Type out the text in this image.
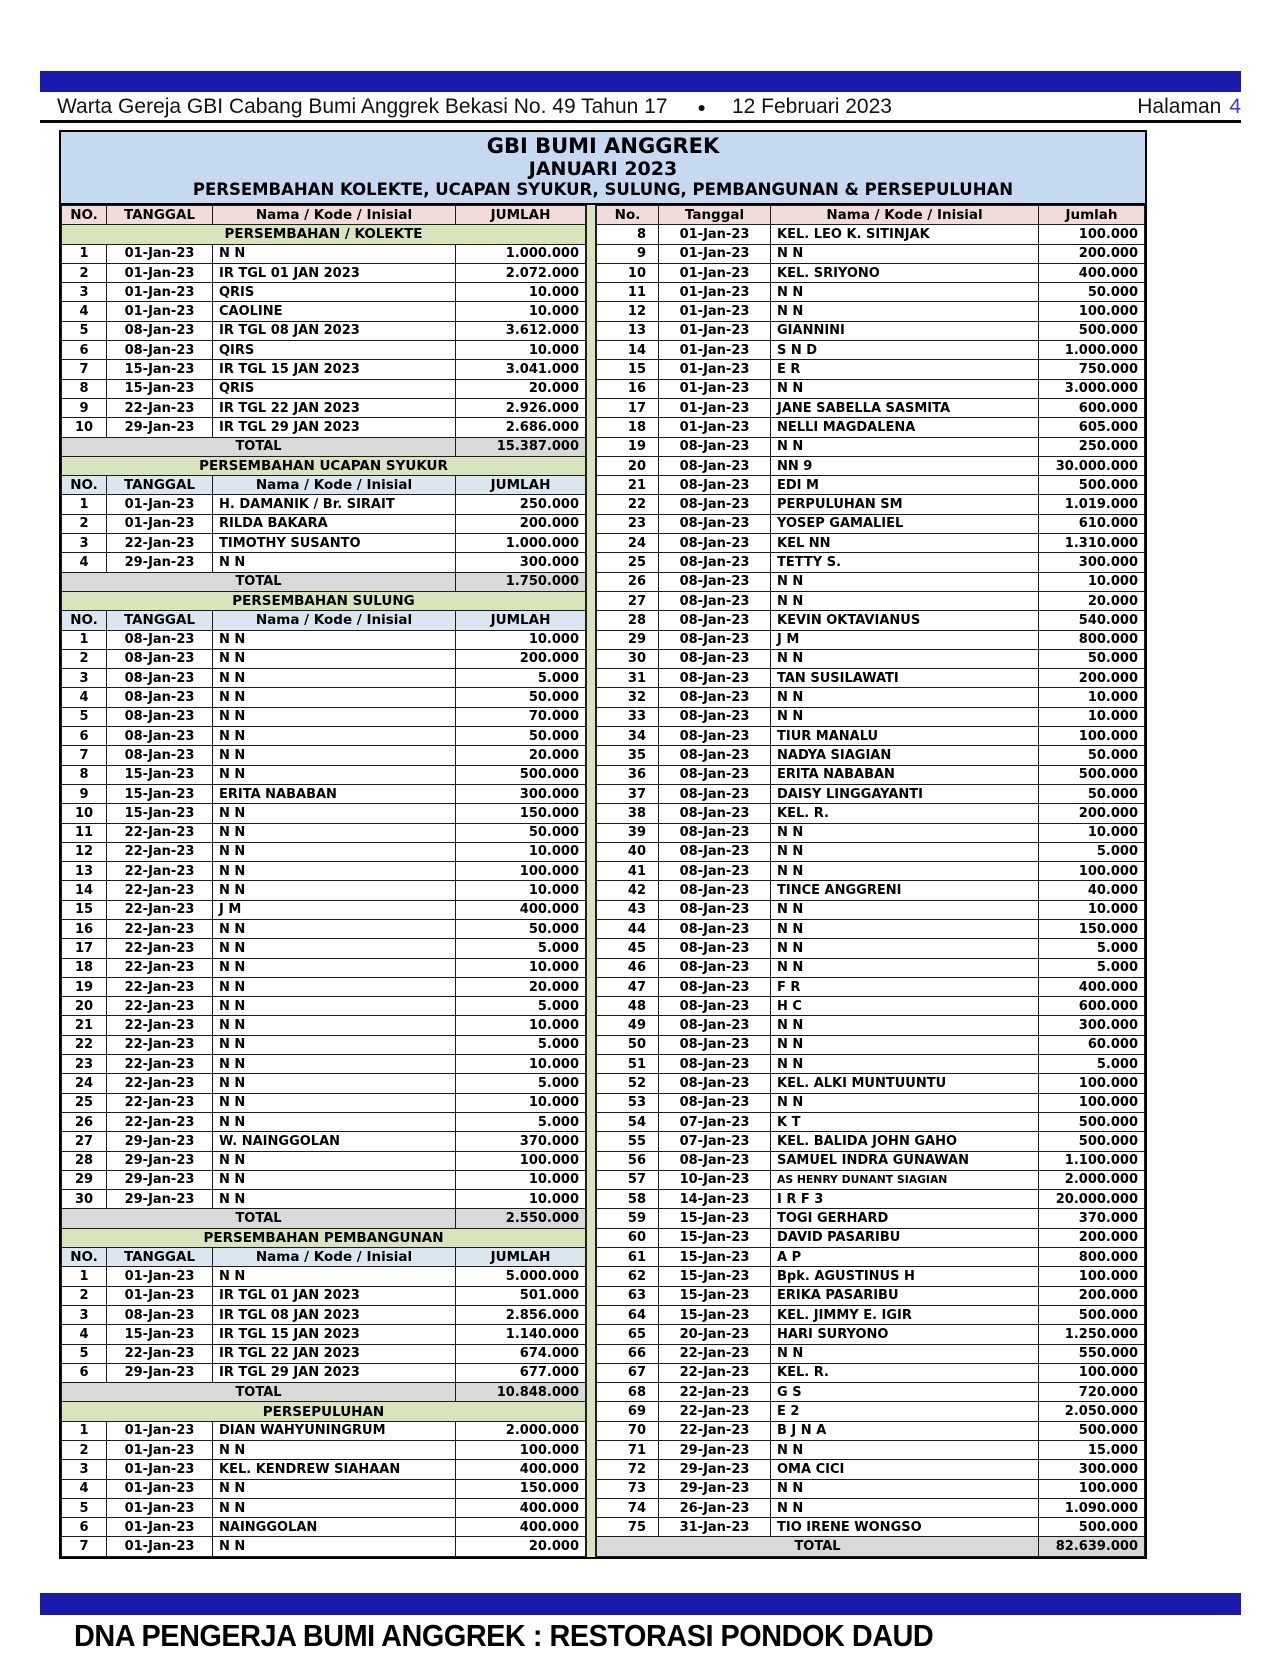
Warta Gereja GBI Cabang Bumi Anggrek Bekasi No. 49 Tahun 17 ● 12 Februari 2023	Halaman 4
GBI BUMI ANGGREK
JANUARI 2023
PERSEMBAHAN KOLEKTE, UCAPAN SYUKUR, SULUNG, PEMBANGUNAN & PERSEPULUHAN
NO.	TANGGAL	Nama / Kode / Inisial	JUMLAH
PERSEMBAHAN / KOLEKTE			
1	01-Jan-23	N N	1.000.000
2	01-Jan-23	IR TGL 01 JAN 2023	2.072.000
3	01-Jan-23	QRIS	10.000
4	01-Jan-23	CAOLINE	10.000
5	08-Jan-23	IR TGL 08 JAN 2023	3.612.000
6	08-Jan-23	QIRS	10.000
7	15-Jan-23	IR TGL 15 JAN 2023	3.041.000
8	15-Jan-23	QRIS	20.000
9	22-Jan-23	IR TGL 22 JAN 2023	2.926.000
10	29-Jan-23	IR TGL 29 JAN 2023	2.686.000
TOTAL			15.387.000
PERSEMBAHAN UCAPAN SYUKUR			
NO.	TANGGAL	Nama / Kode / Inisial	JUMLAH
1	01-Jan-23	H. DAMANIK / Br. SIRAIT	250.000
2	01-Jan-23	RILDA BAKARA	200.000
3	22-Jan-23	TIMOTHY SUSANTO	1.000.000
4	29-Jan-23	N N	300.000
TOTAL			1.750.000
PERSEMBAHAN SULUNG			
NO.	TANGGAL	Nama / Kode / Inisial	JUMLAH
1	08-Jan-23	N N	10.000
2	08-Jan-23	N N	200.000
3	08-Jan-23	N N	5.000
4	08-Jan-23	N N	50.000
5	08-Jan-23	N N	70.000
6	08-Jan-23	N N	50.000
7	08-Jan-23	N N	20.000
8	15-Jan-23	N N	500.000
9	15-Jan-23	ERITA NABABAN	300.000
10	15-Jan-23	N N	150.000
11	22-Jan-23	N N	50.000
12	22-Jan-23	N N	10.000
13	22-Jan-23	N N	100.000
14	22-Jan-23	N N	10.000
15	22-Jan-23	J M	400.000
16	22-Jan-23	N N	50.000
17	22-Jan-23	N N	5.000
18	22-Jan-23	N N	10.000
19	22-Jan-23	N N	20.000
20	22-Jan-23	N N	5.000
21	22-Jan-23	N N	10.000
22	22-Jan-23	N N	5.000
23	22-Jan-23	N N	10.000
24	22-Jan-23	N N	5.000
25	22-Jan-23	N N	10.000
26	22-Jan-23	N N	5.000
27	29-Jan-23	W. NAINGGOLAN	370.000
28	29-Jan-23	N N	100.000
29	29-Jan-23	N N	10.000
30	29-Jan-23	N N	10.000
TOTAL			2.550.000
PERSEMBAHAN PEMBANGUNAN			
NO.	TANGGAL	Nama / Kode / Inisial	JUMLAH
1	01-Jan-23	N N	5.000.000
2	01-Jan-23	IR TGL 01 JAN 2023	501.000
3	08-Jan-23	IR TGL 08 JAN 2023	2.856.000
4	15-Jan-23	IR TGL 15 JAN 2023	1.140.000
5	22-Jan-23	IR TGL 22 JAN 2023	674.000
6	29-Jan-23	IR TGL 29 JAN 2023	677.000
TOTAL			10.848.000
PERSEPULUHAN			
1	01-Jan-23	DIAN WAHYUNINGRUM	2.000.000
2	01-Jan-23	N N	100.000
3	01-Jan-23	KEL. KENDREW SIAHAAN	400.000
4	01-Jan-23	N N	150.000
5	01-Jan-23	N N	400.000
6	01-Jan-23	NAINGGOLAN	400.000
7	01-Jan-23	N N	20.000
No.	Tanggal	Nama / Kode / Inisial	Jumlah
8	01-Jan-23	KEL. LEO K. SITINJAK	100.000
9	01-Jan-23	N N	200.000
10	01-Jan-23	KEL. SRIYONO	400.000
11	01-Jan-23	N N	50.000
12	01-Jan-23	N N	100.000
13	01-Jan-23	GIANNINI	500.000
14	01-Jan-23	S N D	1.000.000
15	01-Jan-23	E R	750.000
16	01-Jan-23	N N	3.000.000
17	01-Jan-23	JANE SABELLA SASMITA	600.000
18	01-Jan-23	NELLI MAGDALENA	605.000
19	08-Jan-23	N N	250.000
20	08-Jan-23	NN 9	30.000.000
21	08-Jan-23	EDI M	500.000
22	08-Jan-23	PERPULUHAN SM	1.019.000
23	08-Jan-23	YOSEP GAMALIEL	610.000
24	08-Jan-23	KEL NN	1.310.000
25	08-Jan-23	TETTY S.	300.000
26	08-Jan-23	N N	10.000
27	08-Jan-23	N N	20.000
28	08-Jan-23	KEVIN OKTAVIANUS	540.000
29	08-Jan-23	J M	800.000
30	08-Jan-23	N N	50.000
31	08-Jan-23	TAN SUSILAWATI	200.000
32	08-Jan-23	N N	10.000
33	08-Jan-23	N N	10.000
34	08-Jan-23	TIUR MANALU	100.000
35	08-Jan-23	NADYA SIAGIAN	50.000
36	08-Jan-23	ERITA NABABAN	500.000
37	08-Jan-23	DAISY LINGGAYANTI	50.000
38	08-Jan-23	KEL. R.	200.000
39	08-Jan-23	N N	10.000
40	08-Jan-23	N N	5.000
41	08-Jan-23	N N	100.000
42	08-Jan-23	TINCE ANGGRENI	40.000
43	08-Jan-23	N N	10.000
44	08-Jan-23	N N	150.000
45	08-Jan-23	N N	5.000
46	08-Jan-23	N N	5.000
47	08-Jan-23	F R	400.000
48	08-Jan-23	H C	600.000
49	08-Jan-23	N N	300.000
50	08-Jan-23	N N	60.000
51	08-Jan-23	N N	5.000
52	08-Jan-23	KEL. ALKI MUNTUUNTU	100.000
53	08-Jan-23	N N	100.000
54	07-Jan-23	K T	500.000
55	07-Jan-23	KEL. BALIDA JOHN GAHO	500.000
56	08-Jan-23	SAMUEL INDRA GUNAWAN	1.100.000
57	10-Jan-23	AS HENRY DUNANT SIAGIAN	2.000.000
58	14-Jan-23	I R F 3	20.000.000
59	15-Jan-23	TOGI GERHARD	370.000
60	15-Jan-23	DAVID PASARIBU	200.000
61	15-Jan-23	A P	800.000
62	15-Jan-23	Bpk. AGUSTINUS H	100.000
63	15-Jan-23	ERIKA PASARIBU	200.000
64	15-Jan-23	KEL. JIMMY E. IGIR	500.000
65	20-Jan-23	HARI SURYONO	1.250.000
66	22-Jan-23	N N	550.000
67	22-Jan-23	KEL. R.	100.000
68	22-Jan-23	G S	720.000
69	22-Jan-23	E 2	2.050.000
70	22-Jan-23	B J N A	500.000
71	29-Jan-23	N N	15.000
72	29-Jan-23	OMA CICI	300.000
73	29-Jan-23	N N	100.000
74	26-Jan-23	N N	1.090.000
75	31-Jan-23	TIO IRENE WONGSO	500.000
TOTAL			82.639.000
DNA PENGERJA BUMI ANGGREK : RESTORASI PONDOK DAUD
